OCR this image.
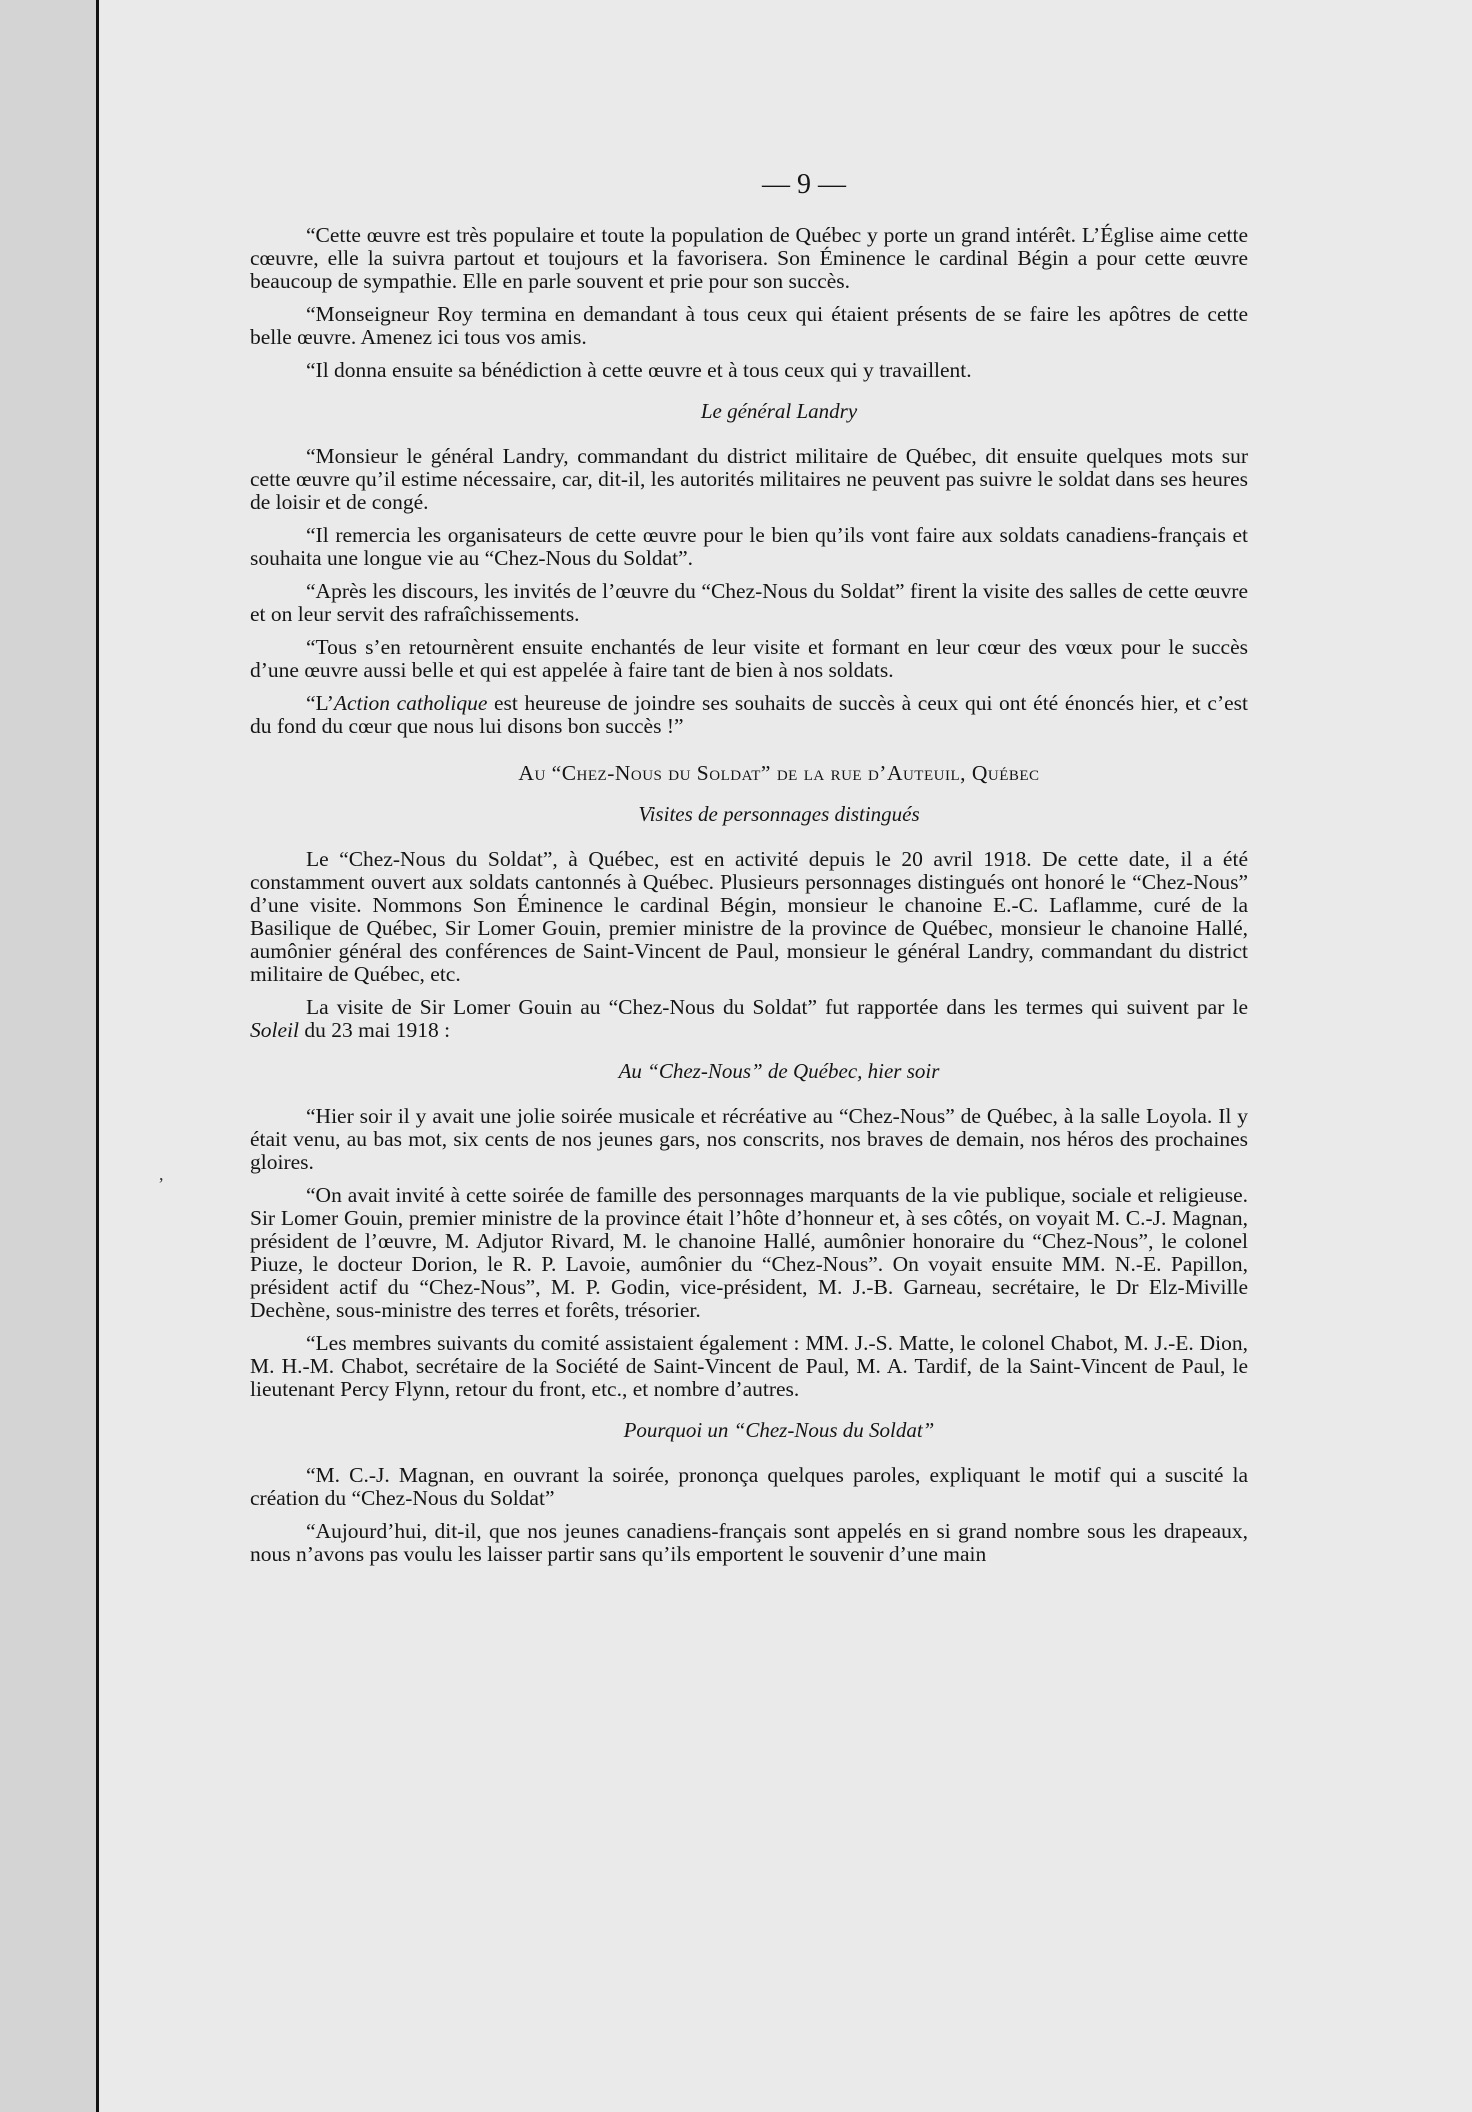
,
— 9 —

“Cette œuvre est très populaire et toute la population de Québec y porte un grand intérêt. L’Église aime cette cœuvre, elle la suivra partout et toujours et la favorisera. Son Éminence le cardinal Bégin a pour cette œuvre beaucoup de sympathie. Elle en parle souvent et prie pour son succès.

“Monseigneur Roy termina en demandant à tous ceux qui étaient présents de se faire les apôtres de cette belle œuvre. Amenez ici tous vos amis.

“Il donna ensuite sa bénédiction à cette œuvre et à tous ceux qui y travaillent.

Le général Landry

“Monsieur le général Landry, commandant du district militaire de Québec, dit ensuite quelques mots sur cette œuvre qu’il estime nécessaire, car, dit-il, les autorités militaires ne peuvent pas suivre le soldat dans ses heures de loisir et de congé.

“Il remercia les organisateurs de cette œuvre pour le bien qu’ils vont faire aux soldats canadiens-français et souhaita une longue vie au “Chez-Nous du Soldat”.

“Après les discours, les invités de l’œuvre du “Chez-Nous du Soldat” firent la visite des salles de cette œuvre et on leur servit des rafraîchissements.

“Tous s’en retournèrent ensuite enchantés de leur visite et formant en leur cœur des vœux pour le succès d’une œuvre aussi belle et qui est appelée à faire tant de bien à nos soldats.

“L’Action catholique est heureuse de joindre ses souhaits de succès à ceux qui ont été énoncés hier, et c’est du fond du cœur que nous lui disons bon succès !”

Au “Chez-Nous du Soldat” de la rue d’Auteuil, Québec
Visites de personnages distingués

Le “Chez-Nous du Soldat”, à Québec, est en activité depuis le 20 avril 1918. De cette date, il a été constamment ouvert aux soldats cantonnés à Québec. Plusieurs personnages distingués ont honoré le “Chez-Nous” d’une visite. Nommons Son Éminence le cardinal Bégin, monsieur le chanoine E.-C. Laflamme, curé de la Basilique de Québec, Sir Lomer Gouin, premier ministre de la province de Québec, monsieur le chanoine Hallé, aumônier général des conférences de Saint-Vincent de Paul, monsieur le général Landry, commandant du district militaire de Québec, etc.

La visite de Sir Lomer Gouin au “Chez-Nous du Soldat” fut rapportée dans les termes qui suivent par le Soleil du 23 mai 1918 :

Au “Chez-Nous” de Québec, hier soir

“Hier soir il y avait une jolie soirée musicale et récréative au “Chez-Nous” de Québec, à la salle Loyola. Il y était venu, au bas mot, six cents de nos jeunes gars, nos conscrits, nos braves de demain, nos héros des prochaines gloires.

“On avait invité à cette soirée de famille des personnages marquants de la vie publique, sociale et religieuse. Sir Lomer Gouin, premier ministre de la province était l’hôte d’honneur et, à ses côtés, on voyait M. C.-J. Magnan, président de l’œuvre, M. Adjutor Rivard, M. le chanoine Hallé, aumônier honoraire du “Chez-Nous”, le colonel Piuze, le docteur Dorion, le R. P. Lavoie, aumônier du “Chez-Nous”. On voyait ensuite MM. N.-E. Papillon, président actif du “Chez-Nous”, M. P. Godin, vice-président, M. J.-B. Garneau, secrétaire, le Dr Elz-Miville Dechène, sous-ministre des terres et forêts, trésorier.

“Les membres suivants du comité assistaient également : MM. J.-S. Matte, le colonel Chabot, M. J.-E. Dion, M. H.-M. Chabot, secrétaire de la Société de Saint-Vincent de Paul, M. A. Tardif, de la Saint-Vincent de Paul, le lieutenant Percy Flynn, retour du front, etc., et nombre d’autres.

Pourquoi un “Chez-Nous du Soldat”

“M. C.-J. Magnan, en ouvrant la soirée, prononça quelques paroles, expliquant le motif qui a suscité la création du “Chez-Nous du Soldat”

“Aujourd’hui, dit-il, que nos jeunes canadiens-français sont appelés en si grand nombre sous les drapeaux, nous n’avons pas voulu les laisser partir sans qu’ils emportent le souvenir d’une main
